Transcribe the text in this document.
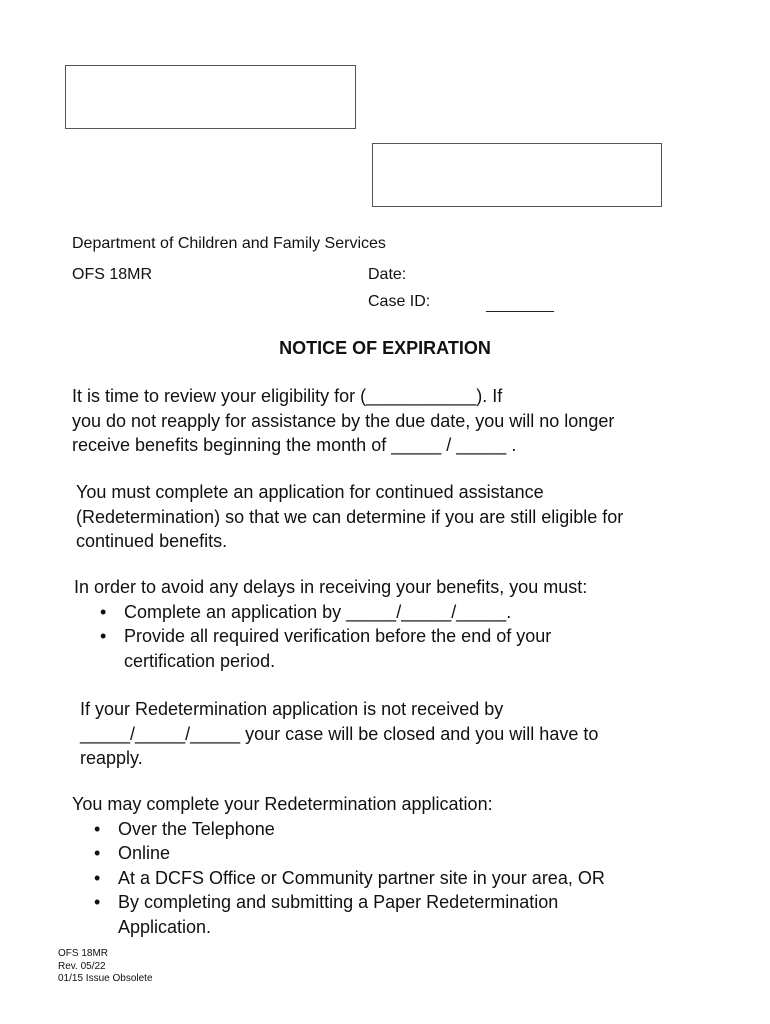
Department of Children and Family Services
OFS 18MR	Date:
Case ID:
NOTICE OF EXPIRATION

It is time to review your eligibility for (___________). If

you do not reapply for assistance by the due date, you will no longer

receive benefits beginning the month of _____ / _____ .

You must complete an application for continued assistance

(Redetermination) so that we can determine if you are still eligible for

continued benefits.

In order to avoid any delays in receiving your benefits, you must:

• Complete an application by _____/_____/_____.
• Provide all required verification before the end of your
certification period.

If your Redetermination application is not received by

_____/_____/_____ your case will be closed and you will have to

reapply.

You may complete your Redetermination application:

• Over the Telephone
• Online
• At a DCFS Office or Community partner site in your area, OR
• By completing and submitting a Paper Redetermination
Application.
OFS 18MR
Rev. 05/22
01/15 Issue Obsolete
